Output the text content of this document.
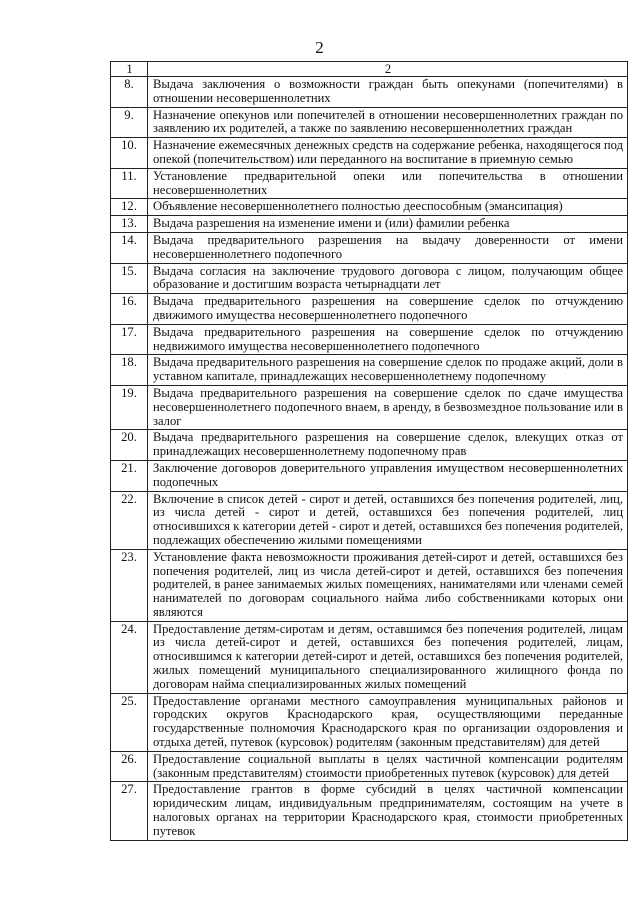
2
1	2
8.	Выдача заключения о возможности граждан быть опекунами (попечителями) в отношении несовершеннолетних
9.	Назначение опекунов или попечителей в отношении несовершеннолетних граждан по заявлению их родителей, а также по заявлению несовершеннолетних граждан
10.	Назначение ежемесячных денежных средств на содержание ребенка, находящегося под опекой (попечительством) или переданного на воспитание в приемную семью
11.	Установление предварительной опеки или попечительства в отношении несовершеннолетних
12.	Объявление несовершеннолетнего полностью дееспособным (эмансипация)
13.	Выдача разрешения на изменение имени и (или) фамилии ребенка
14.	Выдача предварительного разрешения на выдачу доверенности от имени несовершеннолетнего подопечного
15.	Выдача согласия на заключение трудового договора с лицом, получающим общее образование и достигшим возраста четырнадцати лет
16.	Выдача предварительного разрешения на совершение сделок по отчуждению движимого имущества несовершеннолетнего подопечного
17.	Выдача предварительного разрешения на совершение сделок по отчуждению недвижимого имущества несовершеннолетнего подопечного
18.	Выдача предварительного разрешения на совершение сделок по продаже акций, доли в уставном капитале, принадлежащих несовершеннолетнему подопечному
19.	Выдача предварительного разрешения на совершение сделок по сдаче имущества несовершеннолетнего подопечного внаем, в аренду, в безвозмездное пользование или в залог
20.	Выдача предварительного разрешения на совершение сделок, влекущих отказ от принадлежащих несовершеннолетнему подопечному прав
21.	Заключение договоров доверительного управления имуществом несовершеннолетних подопечных
22.	Включение в список детей - сирот и детей, оставшихся без попечения родителей, лиц, из числа детей - сирот и детей, оставшихся без попечения родителей, лиц относившихся к категории детей - сирот и детей, оставшихся без попечения родителей, подлежащих обеспечению жилыми помещениями
23.	Установление факта невозможности проживания детей-сирот и детей, оставшихся без попечения родителей, лиц из числа детей-сирот и детей, оставшихся без попечения родителей, в ранее занимаемых жилых помещениях, нанимателями или членами семей нанимателей по договорам социального найма либо собственниками которых они являются
24.	Предоставление детям-сиротам и детям, оставшимся без попечения родителей, лицам из числа детей-сирот и детей, оставшихся без попечения родителей, лицам, относившимся к категории детей-сирот и детей, оставшихся без попечения родителей, жилых помещений муниципального специализированного жилищного фонда по договорам найма специализированных жилых помещений
25.	Предоставление органами местного самоуправления муниципальных районов и городских округов Краснодарского края, осуществляющими переданные государственные полномочия Краснодарского края по организации оздоровления и отдыха детей, путевок (курсовок) родителям (законным представителям) для детей
26.	Предоставление социальной выплаты в целях частичной компенсации родителям (законным представителям) стоимости приобретенных путевок (курсовок) для детей
27.	Предоставление грантов в форме субсидий в целях частичной компенсации юридическим лицам, индивидуальным предпринимателям, состоящим на учете в налоговых органах на территории Краснодарского края, стоимости приобретенных путевок
